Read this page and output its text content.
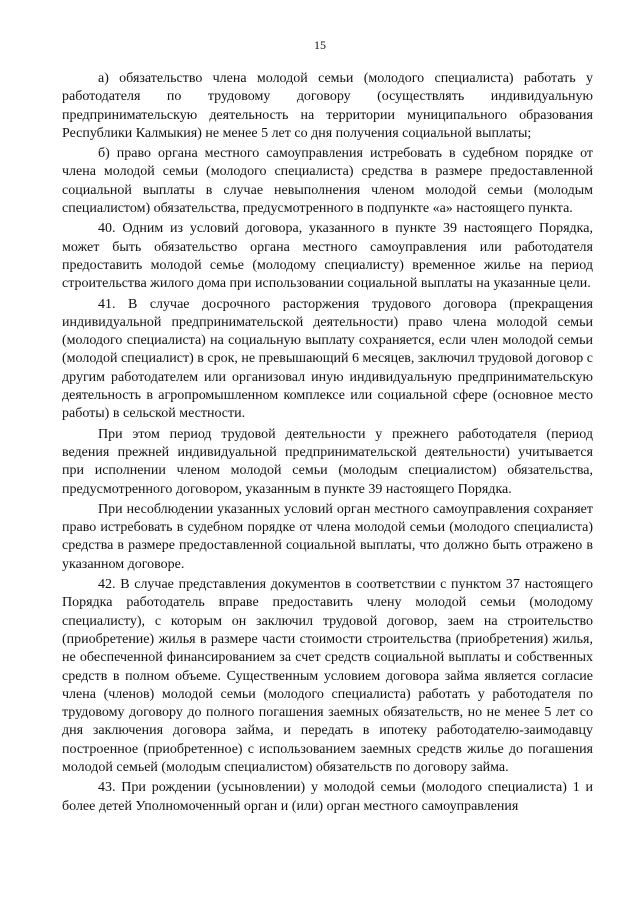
15

а) обязательство члена молодой семьи (молодого специалиста) работать у работодателя по трудовому договору (осуществлять индивидуальную предпринимательскую деятельность на территории муниципального образования Республики Калмыкия) не менее 5 лет со дня получения социальной выплаты;

б) право органа местного самоуправления истребовать в судебном порядке от члена молодой семьи (молодого специалиста) средства в размере предоставленной социальной выплаты в случае невыполнения членом молодой семьи (молодым специалистом) обязательства, предусмотренного в подпункте «а» настоящего пункта.

40. Одним из условий договора, указанного в пункте 39 настоящего Порядка, может быть обязательство органа местного самоуправления или работодателя предоставить молодой семье (молодому специалисту) временное жилье на период строительства жилого дома при использовании социальной выплаты на указанные цели.

41. В случае досрочного расторжения трудового договора (прекращения индивидуальной предпринимательской деятельности) право члена молодой семьи (молодого специалиста) на социальную выплату сохраняется, если член молодой семьи (молодой специалист) в срок, не превышающий 6 месяцев, заключил трудовой договор с другим работодателем или организовал иную индивидуальную предпринимательскую деятельность в агропромышленном комплексе или социальной сфере (основное место работы) в сельской местности.

При этом период трудовой деятельности у прежнего работодателя (период ведения прежней индивидуальной предпринимательской деятельности) учитывается при исполнении членом молодой семьи (молодым специалистом) обязательства, предусмотренного договором, указанным в пункте 39 настоящего Порядка.

При несоблюдении указанных условий орган местного самоуправления сохраняет право истребовать в судебном порядке от члена молодой семьи (молодого специалиста) средства в размере предоставленной социальной выплаты, что должно быть отражено в указанном договоре.

42. В случае представления документов в соответствии с пунктом 37 настоящего Порядка работодатель вправе предоставить члену молодой семьи (молодому специалисту), с которым он заключил трудовой договор, заем на строительство (приобретение) жилья в размере части стоимости строительства (приобретения) жилья, не обеспеченной финансированием за счет средств социальной выплаты и собственных средств в полном объеме. Существенным условием договора займа является согласие члена (членов) молодой семьи (молодого специалиста) работать у работодателя по трудовому договору до полного погашения заемных обязательств, но не менее 5 лет со дня заключения договора займа, и передать в ипотеку работодателю-заимодавцу построенное (приобретенное) с использованием заемных средств жилье до погашения молодой семьей (молодым специалистом) обязательств по договору займа.

43. При рождении (усыновлении) у молодой семьи (молодого специалиста) 1 и более детей Уполномоченный орган и (или) орган местного самоуправления
